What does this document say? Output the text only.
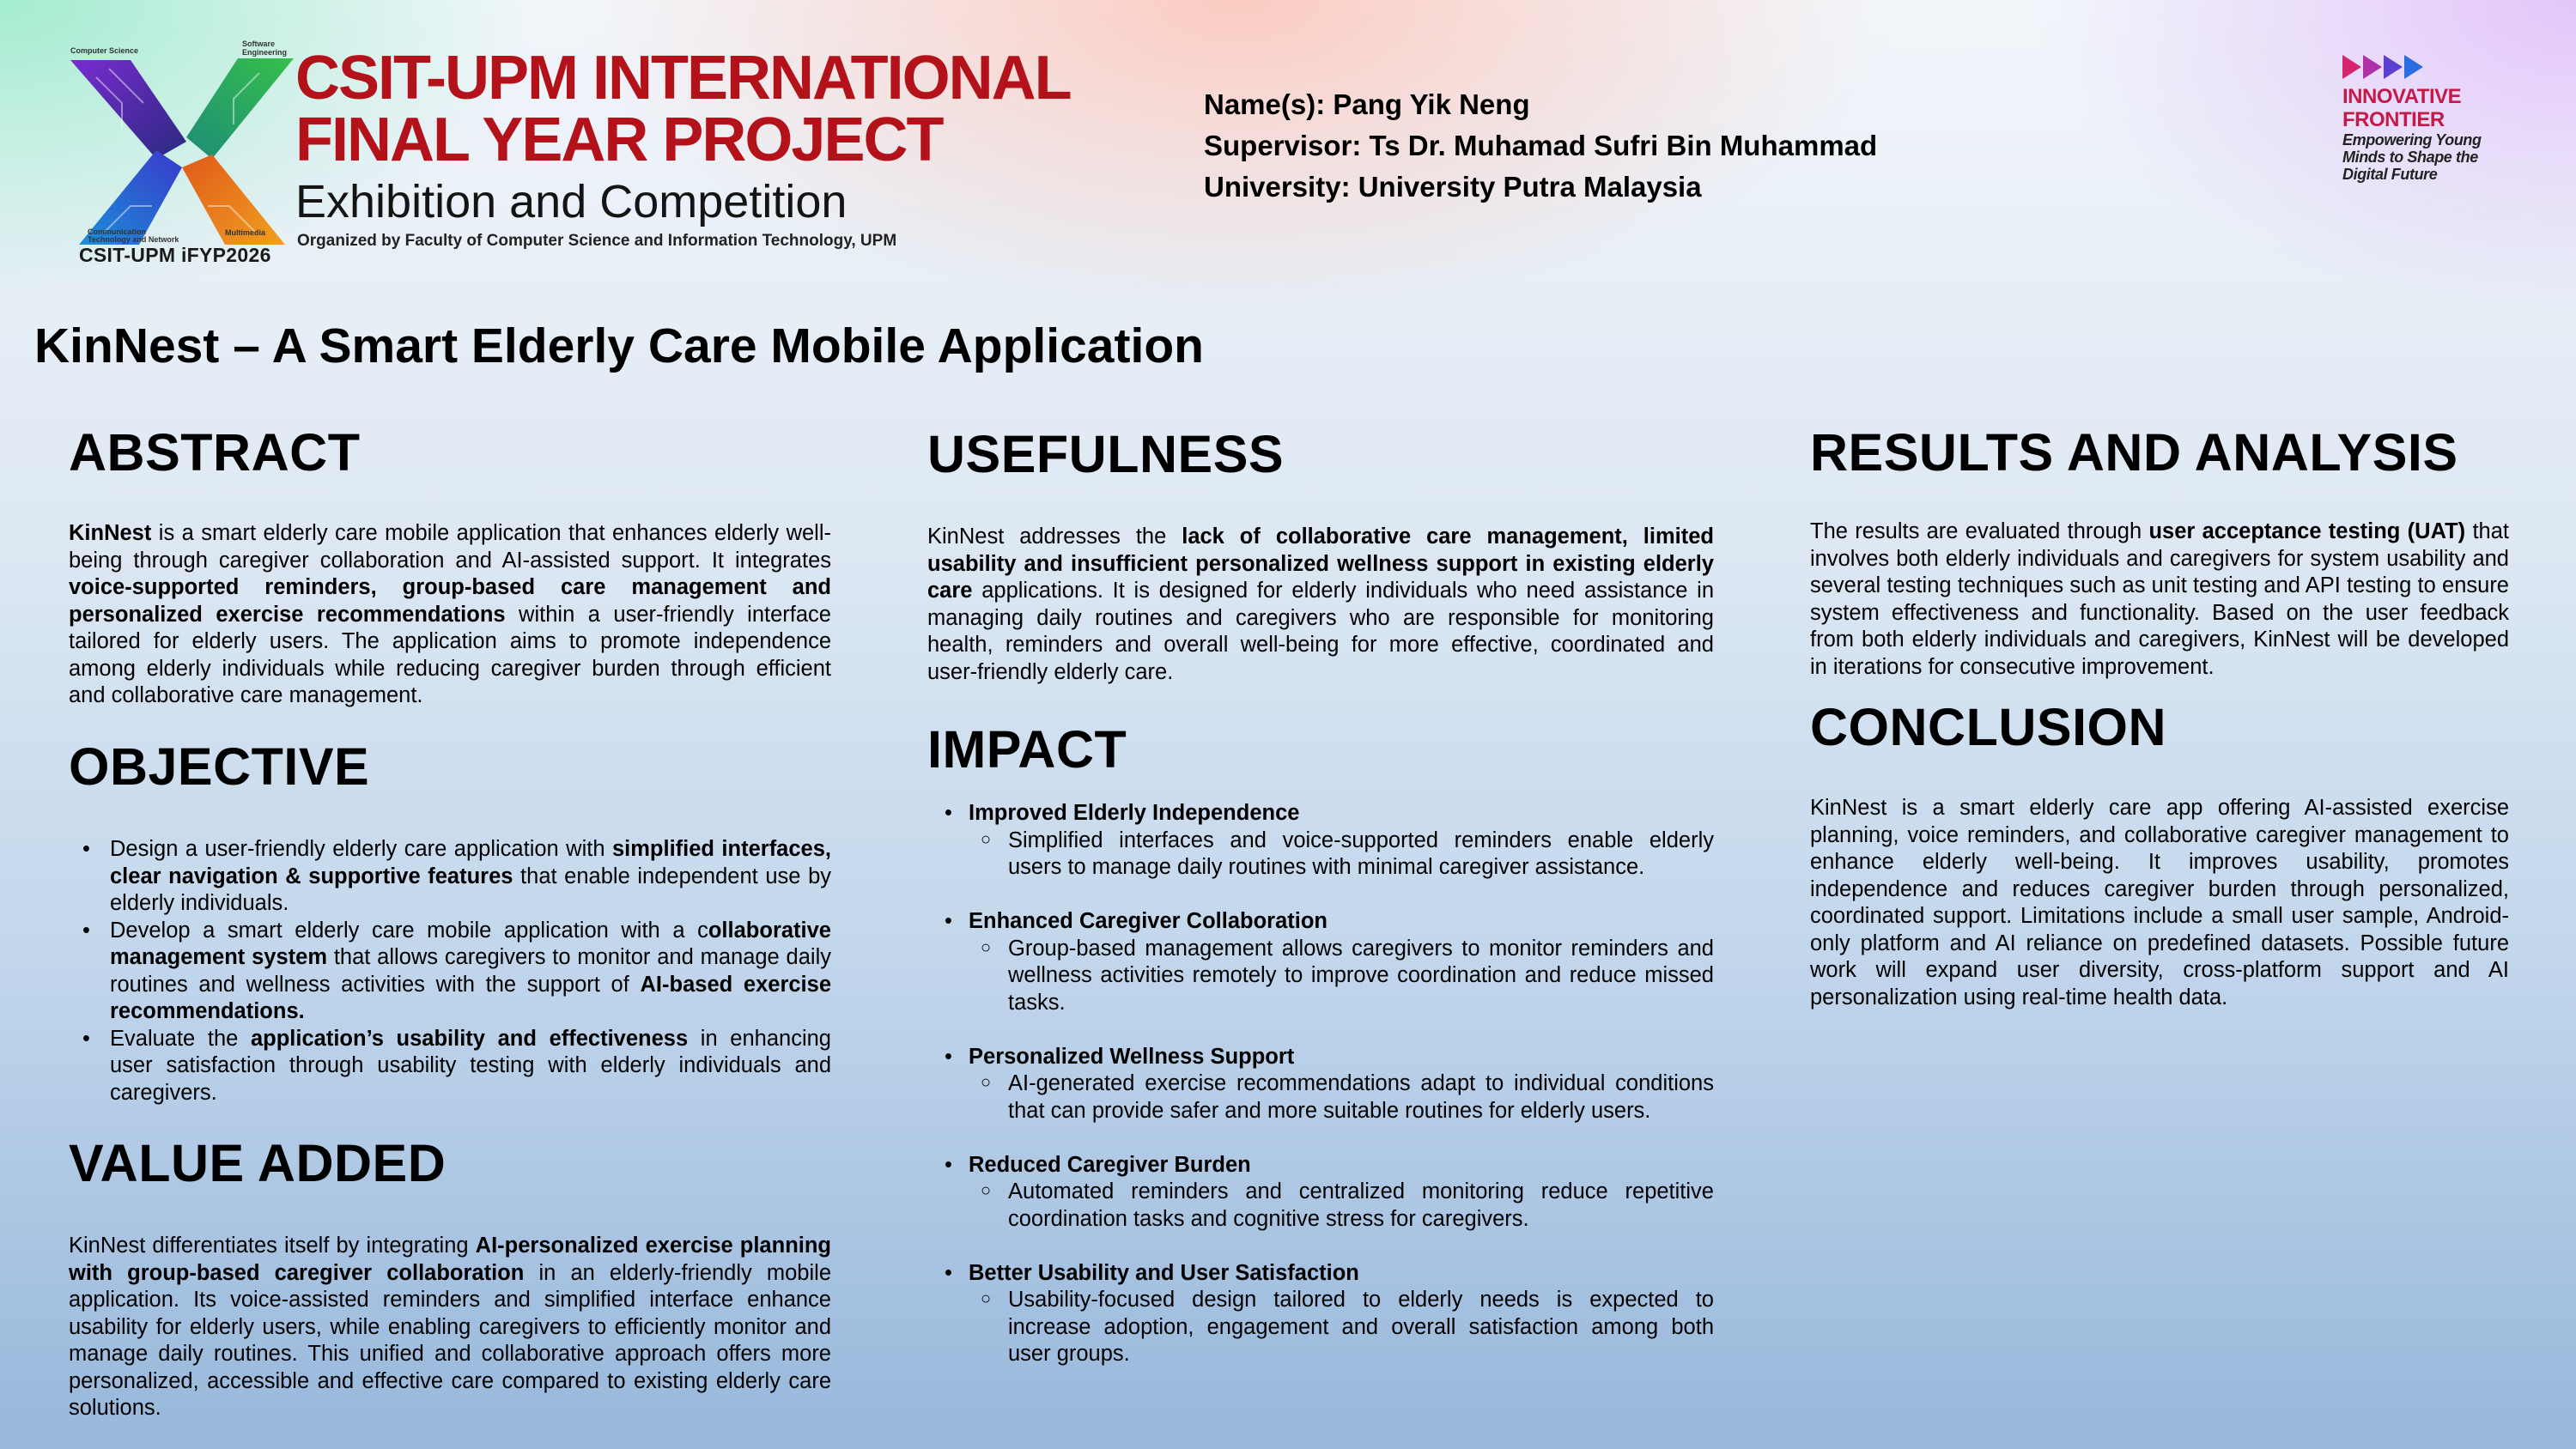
Computer Science
Software Engineering
Communication Technology and Network
Multimedia
CSIT-UPM iFYP2026
CSIT-UPM INTERNATIONAL
FINAL YEAR PROJECT
Exhibition and Competition
Organized by Faculty of Computer Science and Information Technology, UPM
Name(s): Pang Yik Neng
Supervisor: Ts Dr. Muhamad Sufri Bin Muhammad
University: University Putra Malaysia
INNOVATIVE
FRONTIER
Empowering Young
Minds to Shape the
Digital Future
KinNest – A Smart Elderly Care Mobile Application
ABSTRACT

KinNest is a smart elderly care mobile application that enhances elderly well-being through caregiver collaboration and AI-assisted support. It integrates voice-supported reminders, group-based care management and personalized exercise recommendations within a user-friendly interface tailored for elderly users. The application aims to promote independence among elderly individuals while reducing caregiver burden through efficient and collaborative care management.

OBJECTIVE
• Design a user-friendly elderly care application with simplified interfaces, clear navigation & supportive features that enable independent use by elderly individuals.
• Develop a smart elderly care mobile application with a collaborative management system that allows caregivers to monitor and manage daily routines and wellness activities with the support of AI-based exercise recommendations.
• Evaluate the application’s usability and effectiveness in enhancing user satisfaction through usability testing with elderly individuals and caregivers.
VALUE ADDED

KinNest differentiates itself by integrating AI-personalized exercise planning with group-based caregiver collaboration in an elderly-friendly mobile application. Its voice-assisted reminders and simplified interface enhance usability for elderly users, while enabling caregivers to efficiently monitor and manage daily routines. This unified and collaborative approach offers more personalized, accessible and effective care compared to existing elderly care solutions.

USEFULNESS

KinNest addresses the lack of collaborative care management, limited usability and insufficient personalized wellness support in existing elderly care applications. It is designed for elderly individuals who need assistance in managing daily routines and caregivers who are responsible for monitoring health, reminders and overall well-being for more effective, coordinated and user-friendly elderly care.

IMPACT
• Improved Elderly Independence
○ Simplified interfaces and voice-supported reminders enable elderly users to manage daily routines with minimal caregiver assistance.
• Enhanced Caregiver Collaboration
○ Group-based management allows caregivers to monitor reminders and wellness activities remotely to improve coordination and reduce missed tasks.
• Personalized Wellness Support
○ AI-generated exercise recommendations adapt to individual conditions that can provide safer and more suitable routines for elderly users.
• Reduced Caregiver Burden
○ Automated reminders and centralized monitoring reduce repetitive coordination tasks and cognitive stress for caregivers.
• Better Usability and User Satisfaction
○ Usability-focused design tailored to elderly needs is expected to increase adoption, engagement and overall satisfaction among both user groups.
RESULTS AND ANALYSIS

The results are evaluated through user acceptance testing (UAT) that involves both elderly individuals and caregivers for system usability and several testing techniques such as unit testing and API testing to ensure system effectiveness and functionality. Based on the user feedback from both elderly individuals and caregivers, KinNest will be developed in iterations for consecutive improvement.

CONCLUSION

KinNest is a smart elderly care app offering AI-assisted exercise planning, voice reminders, and collaborative caregiver management to enhance elderly well-being. It improves usability, promotes independence and reduces caregiver burden through personalized, coordinated support. Limitations include a small user sample, Android-only platform and AI reliance on predefined datasets. Possible future work will expand user diversity, cross-platform support and AI personalization using real-time health data.
